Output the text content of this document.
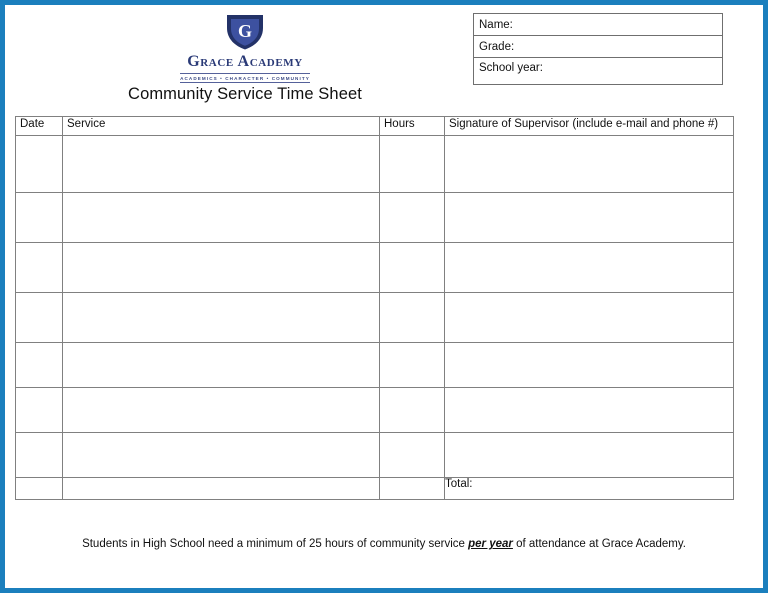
G
Grace Academy
ACADEMICS • CHARACTER • COMMUNITY
Community Service Time Sheet
Name:
Grade:
School year:
Date	Service	Hours	Signature of Supervisor (include e-mail and phone #)

			Total:
Students in High School need a minimum of 25 hours of community service per year of attendance at Grace Academy.
